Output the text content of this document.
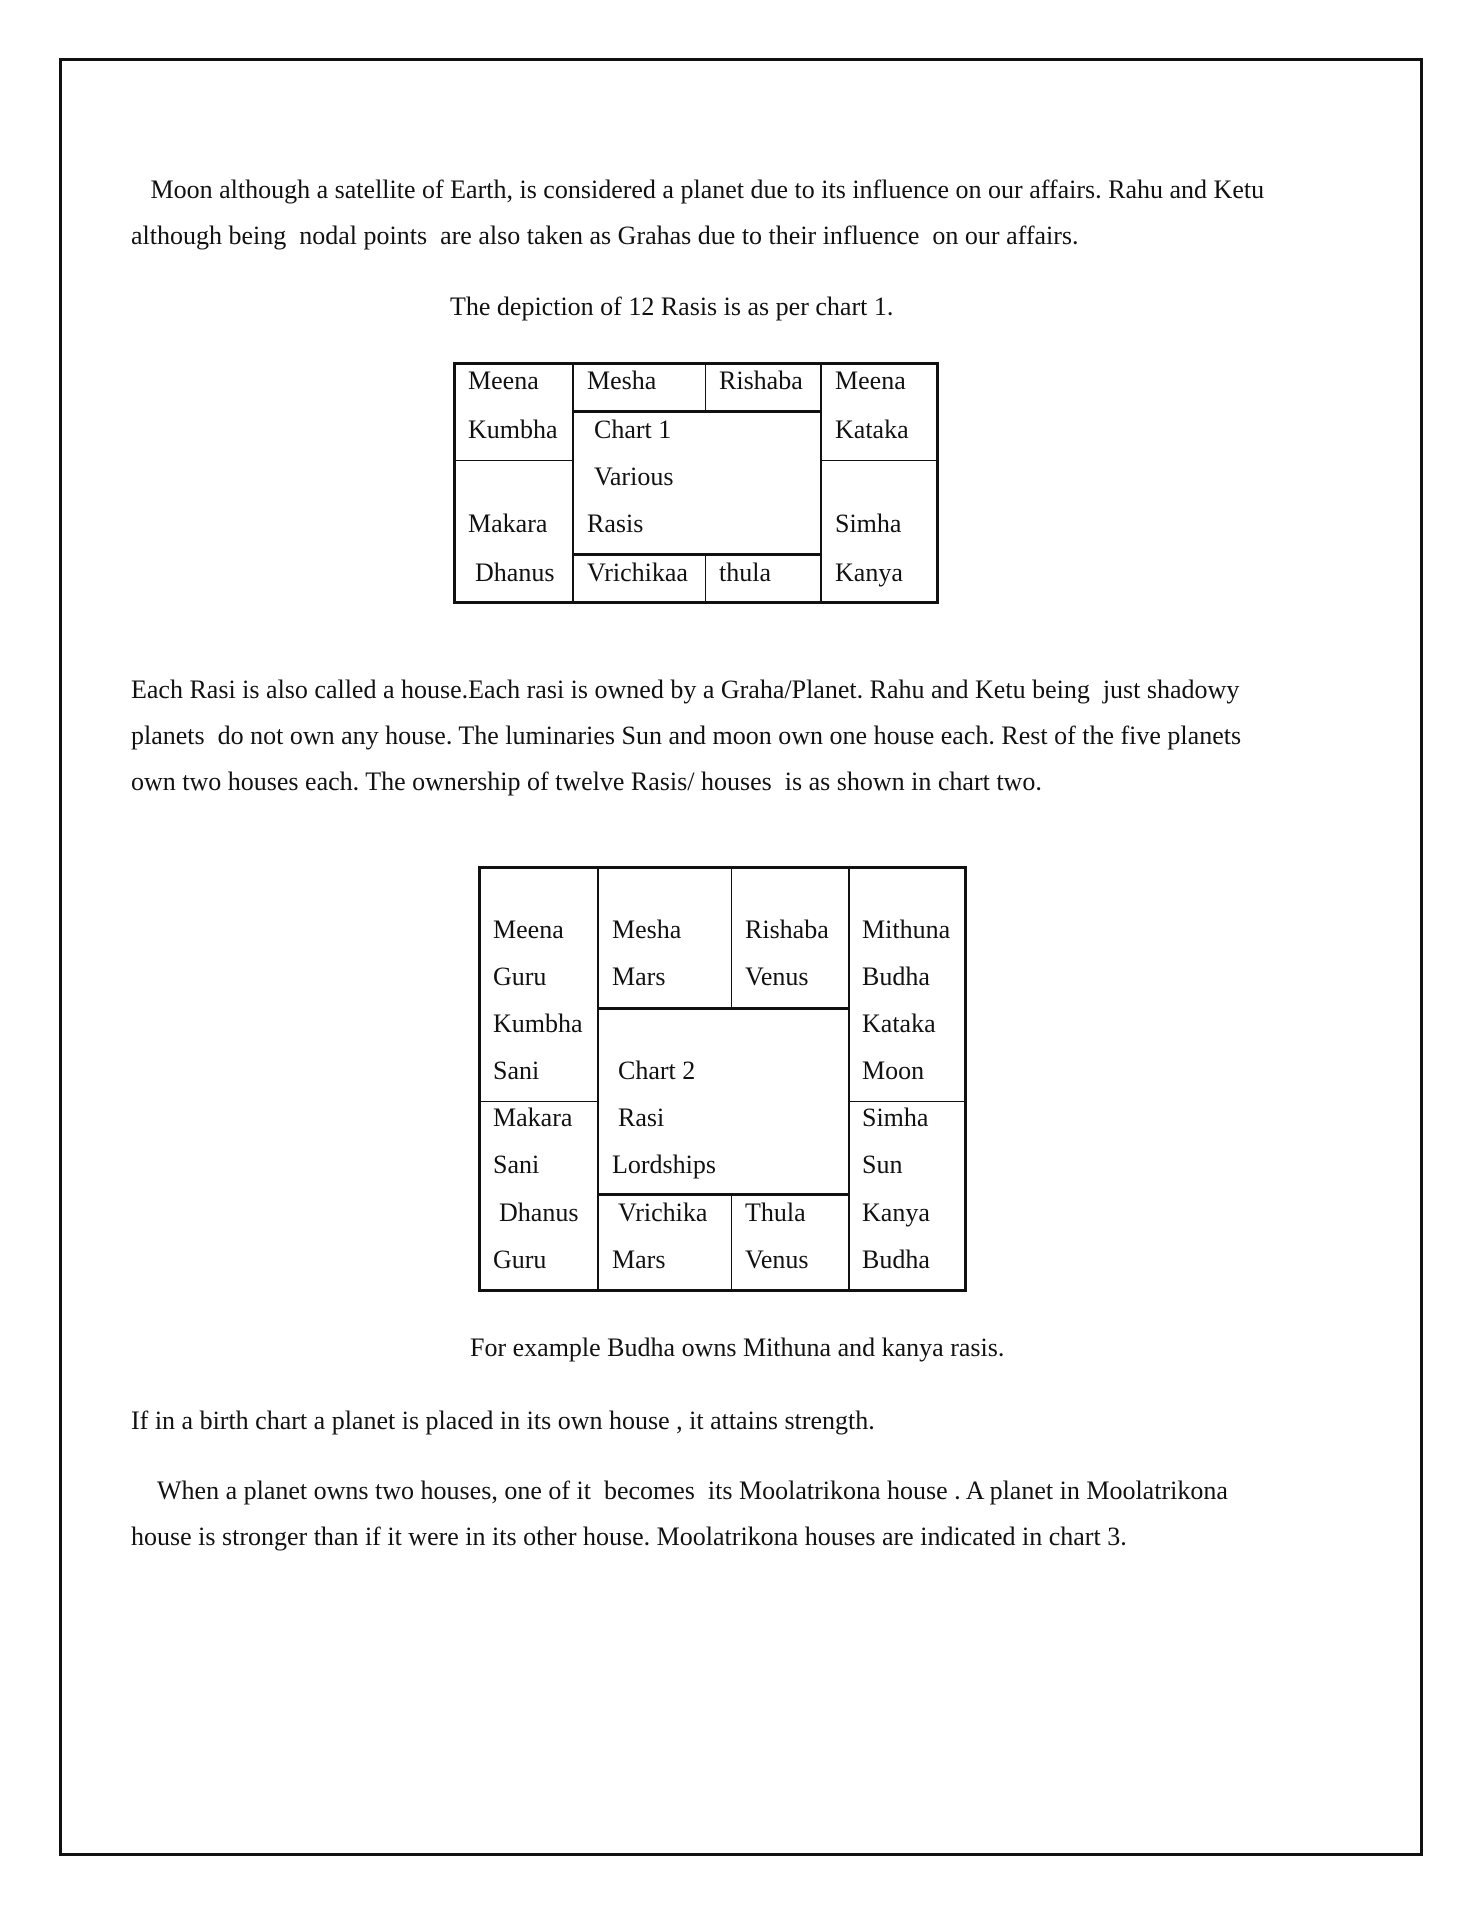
Moon although a satellite of Earth, is considered a planet due to its influence on our affairs. Rahu and Ketu
although being  nodal points  are also taken as Grahas due to their influence  on our affairs.

The depiction of 12 Rasis is as per chart 1.

Meena Mesha Rishaba Meena
Kumbha
Makara
Kataka
Simha
Chart 1
Various
Rasis
Dhanus Vrichikaa thula Kanya

Each Rasi is also called a house.Each rasi is owned by a Graha/Planet. Rahu and Ketu being  just shadowy
planets  do not own any house. The luminaries Sun and moon own one house each. Rest of the five planets
own two houses each. The ownership of twelve Rasis/ houses  is as shown in chart two.

Meena
Guru
Mesha
Mars
Rishaba
Venus
Mithuna
Budha
Kumbha
Sani
Makara
Sani
Kataka
Moon
Simha
Sun
Chart 2
Rasi
Lordships
Dhanus
Guru
Vrichika
Mars
Thula
Venus
Kanya
Budha

For example Budha owns Mithuna and kanya rasis.

If in a birth chart a planet is placed in its own house , it attains strength.

When a planet owns two houses, one of it  becomes  its Moolatrikona house . A planet in Moolatrikona
house is stronger than if it were in its other house. Moolatrikona houses are indicated in chart 3.
